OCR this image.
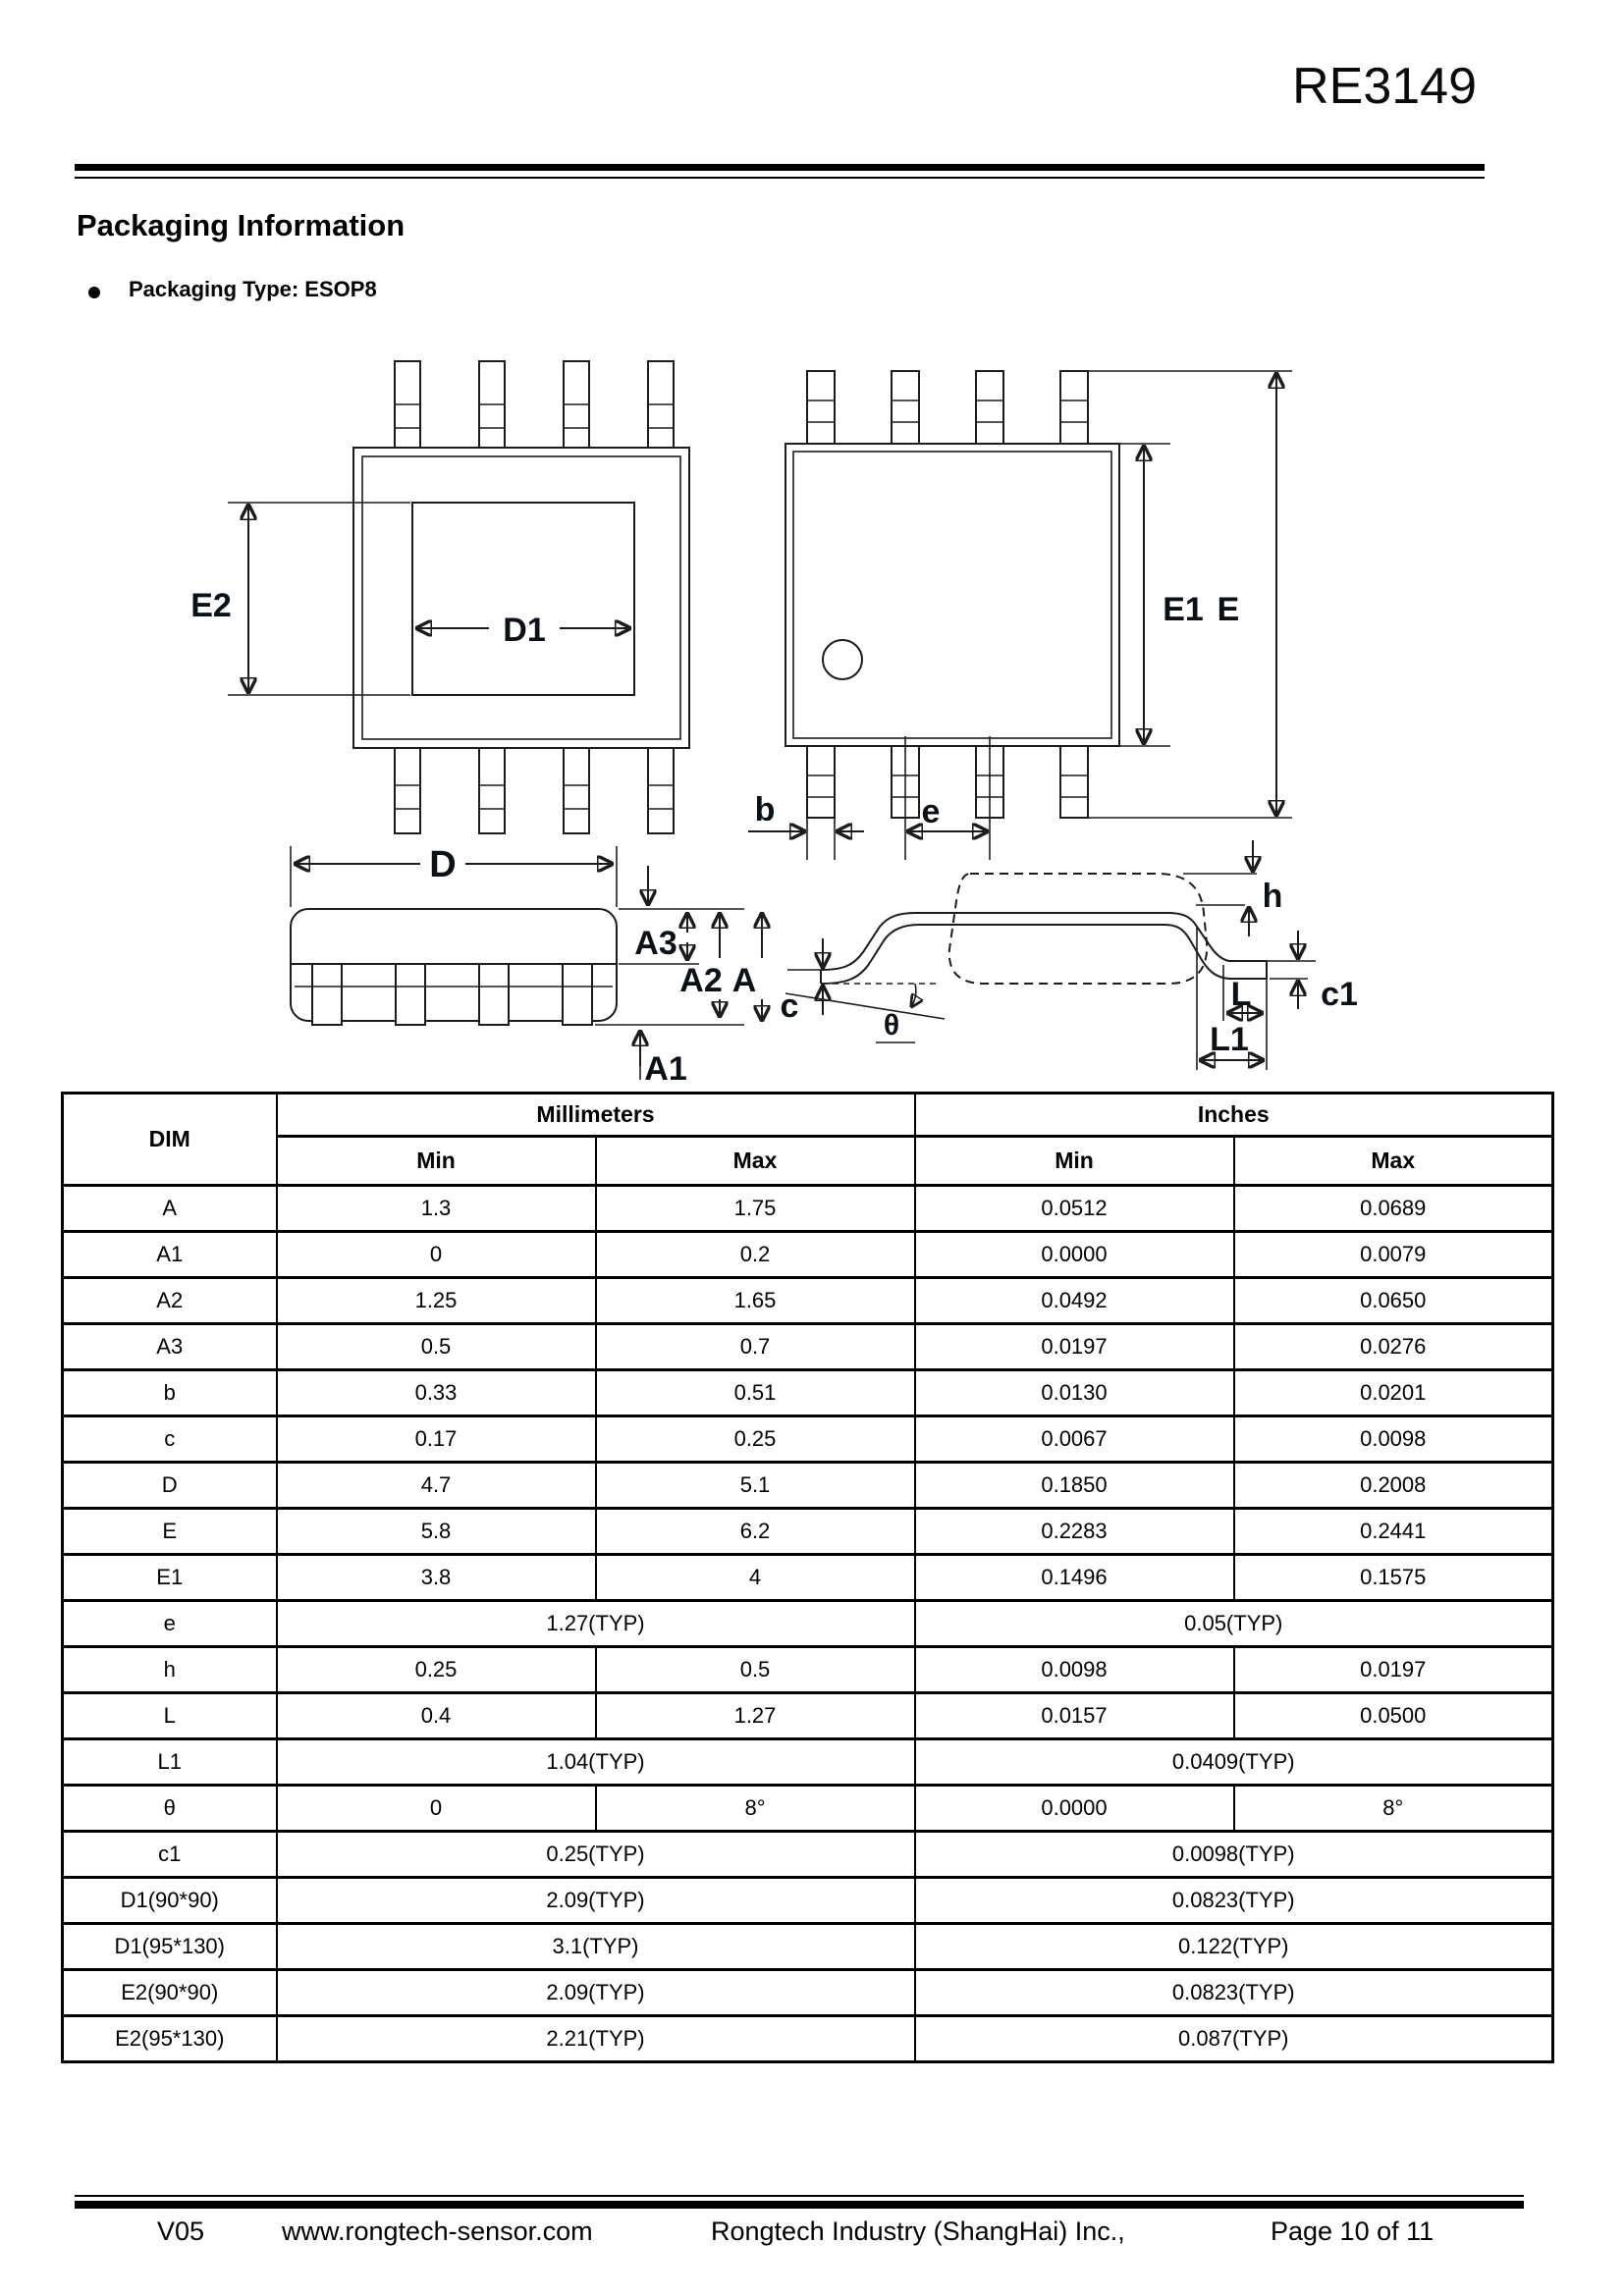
RE3149
Packaging Information
Packaging Type: ESOP8
E2
D1
E1 E
b	e
D
A3
A2 A
A1
h
c
θ
c1
L
L1
DIM	Millimeters		Inches	
	Min	Max	Min	Max
A	1.3	1.75	0.0512	0.0689
A1	0	0.2	0.0000	0.0079
A2	1.25	1.65	0.0492	0.0650
A3	0.5	0.7	0.0197	0.0276
b	0.33	0.51	0.0130	0.0201
c	0.17	0.25	0.0067	0.0098
D	4.7	5.1	0.1850	0.2008
E	5.8	6.2	0.2283	0.2441
E1	3.8	4	0.1496	0.1575
e	1.27(TYP)		0.05(TYP)	
h	0.25	0.5	0.0098	0.0197
L	0.4	1.27	0.0157	0.0500
L1	1.04(TYP)		0.0409(TYP)	
θ	0	8°	0.0000	8°
c1	0.25(TYP)		0.0098(TYP)	
D1(90*90)	2.09(TYP)		0.0823(TYP)	
D1(95*130)	3.1(TYP)		0.122(TYP)	
E2(90*90)	2.09(TYP)		0.0823(TYP)	
E2(95*130)	2.21(TYP)		0.087(TYP)	
V05	www.rongtech-sensor.com	Rongtech Industry (ShangHai) Inc.,	Page 10 of 11
